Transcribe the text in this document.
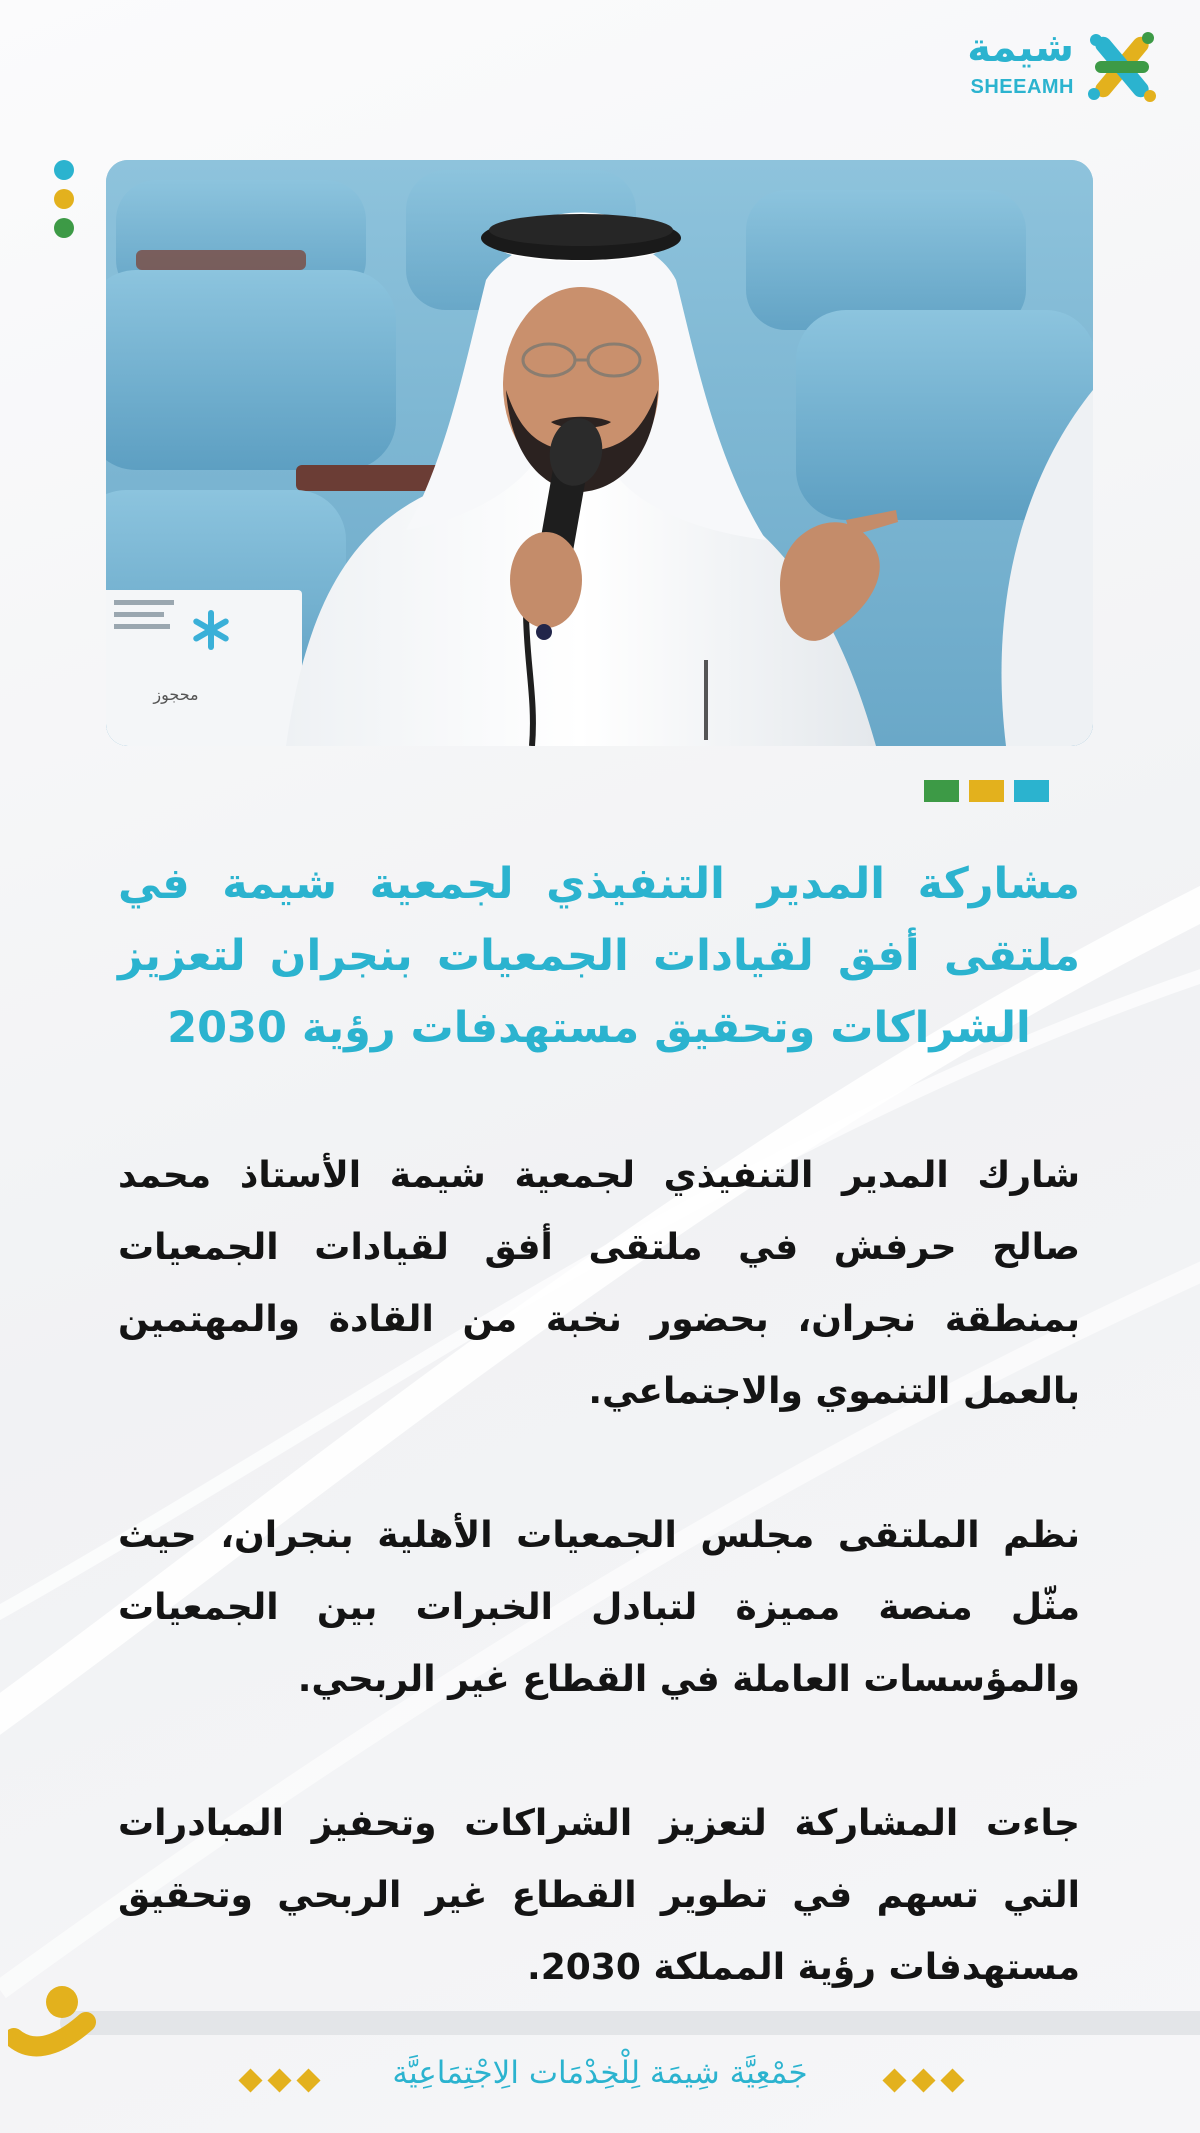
شيمة
SHEEAMH
محجوز
مشاركة المدير التنفيذي لجمعية شيمة في ملتقى أفق لقيادات الجمعيات بنجران لتعزيز الشراكات وتحقيق مستهدفات رؤية 2030

شارك المدير التنفيذي لجمعية شيمة الأستاذ محمد صالح حرفش في ملتقى أفق لقيادات الجمعيات بمنطقة نجران، بحضور نخبة من القادة والمهتمين بالعمل التنموي والاجتماعي.

نظم الملتقى مجلس الجمعيات الأهلية بنجران، حيث مثّل منصة مميزة لتبادل الخبرات بين الجمعيات والمؤسسات العاملة في القطاع غير الربحي.

جاءت المشاركة لتعزيز الشراكات وتحفيز المبادرات التي تسهم في تطوير القطاع غير الربحي وتحقيق مستهدفات رؤية المملكة 2030.

جَمْعِيَّة شِيمَة لِلْخِدْمَات الِاجْتِمَاعِيَّة
